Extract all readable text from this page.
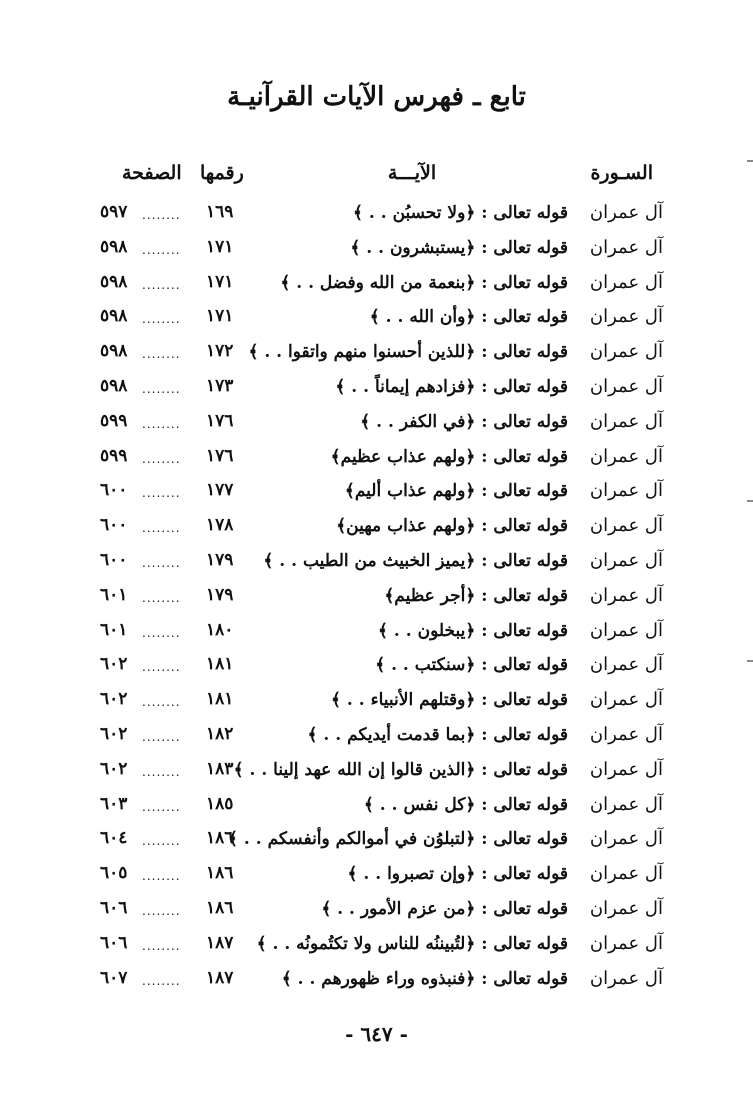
تابع ـ فهرس الآيات القرآنيـة
السـورة
الآيـــة
رقمها
الصفحة
آل عمران
قوله تعالى : ﴿ولا تحسبُن . . ﴾
١٦٩
........
٥٩٧
آل عمران
قوله تعالى : ﴿يستبشرون . . ﴾
١٧١
........
٥٩٨
آل عمران
قوله تعالى : ﴿بنعمة من الله وفضل . . ﴾
١٧١
........
٥٩٨
آل عمران
قوله تعالى : ﴿وأن الله . . ﴾
١٧١
........
٥٩٨
آل عمران
قوله تعالى : ﴿للذين أحسنوا منهم واتقوا . . ﴾
١٧٢
........
٥٩٨
آل عمران
قوله تعالى : ﴿فزادهم إيماناً . . ﴾
١٧٣
........
٥٩٨
آل عمران
قوله تعالى : ﴿في الكفر . . ﴾
١٧٦
........
٥٩٩
آل عمران
قوله تعالى : ﴿ولهم عذاب عظيم﴾
١٧٦
........
٥٩٩
آل عمران
قوله تعالى : ﴿ولهم عذاب أليم﴾
١٧٧
........
٦٠٠
آل عمران
قوله تعالى : ﴿ولهم عذاب مهين﴾
١٧٨
........
٦٠٠
آل عمران
قوله تعالى : ﴿يميز الخبيث من الطيب . . ﴾
١٧٩
........
٦٠٠
آل عمران
قوله تعالى : ﴿أجر عظيم﴾
١٧٩
........
٦٠١
آل عمران
قوله تعالى : ﴿يبخلون . . ﴾
١٨٠
........
٦٠١
آل عمران
قوله تعالى : ﴿سنكتب . . ﴾
١٨١
........
٦٠٢
آل عمران
قوله تعالى : ﴿وقتلهم الأنبياء . . ﴾
١٨١
........
٦٠٢
آل عمران
قوله تعالى : ﴿بما قدمت أيديكم . . ﴾
١٨٢
........
٦٠٢
آل عمران
قوله تعالى : ﴿الذين قالوا إن الله عهد إلينا . . ﴾
١٨٣
........
٦٠٢
آل عمران
قوله تعالى : ﴿كل نفس . . ﴾
١٨٥
........
٦٠٣
آل عمران
قوله تعالى : ﴿لتبلوُن في أموالكم وأنفسكم . . ﴾
١٨٦
........
٦٠٤
آل عمران
قوله تعالى : ﴿وإن تصبروا . . ﴾
١٨٦
........
٦٠٥
آل عمران
قوله تعالى : ﴿من عزم الأمور . . ﴾
١٨٦
........
٦٠٦
آل عمران
قوله تعالى : ﴿لتُبيننُه للناس ولا تكتُمونُه . . ﴾
١٨٧
........
٦٠٦
آل عمران
قوله تعالى : ﴿فنبذوه وراء ظهورهم . . ﴾
١٨٧
........
٦٠٧
- ٦٤٧ -
